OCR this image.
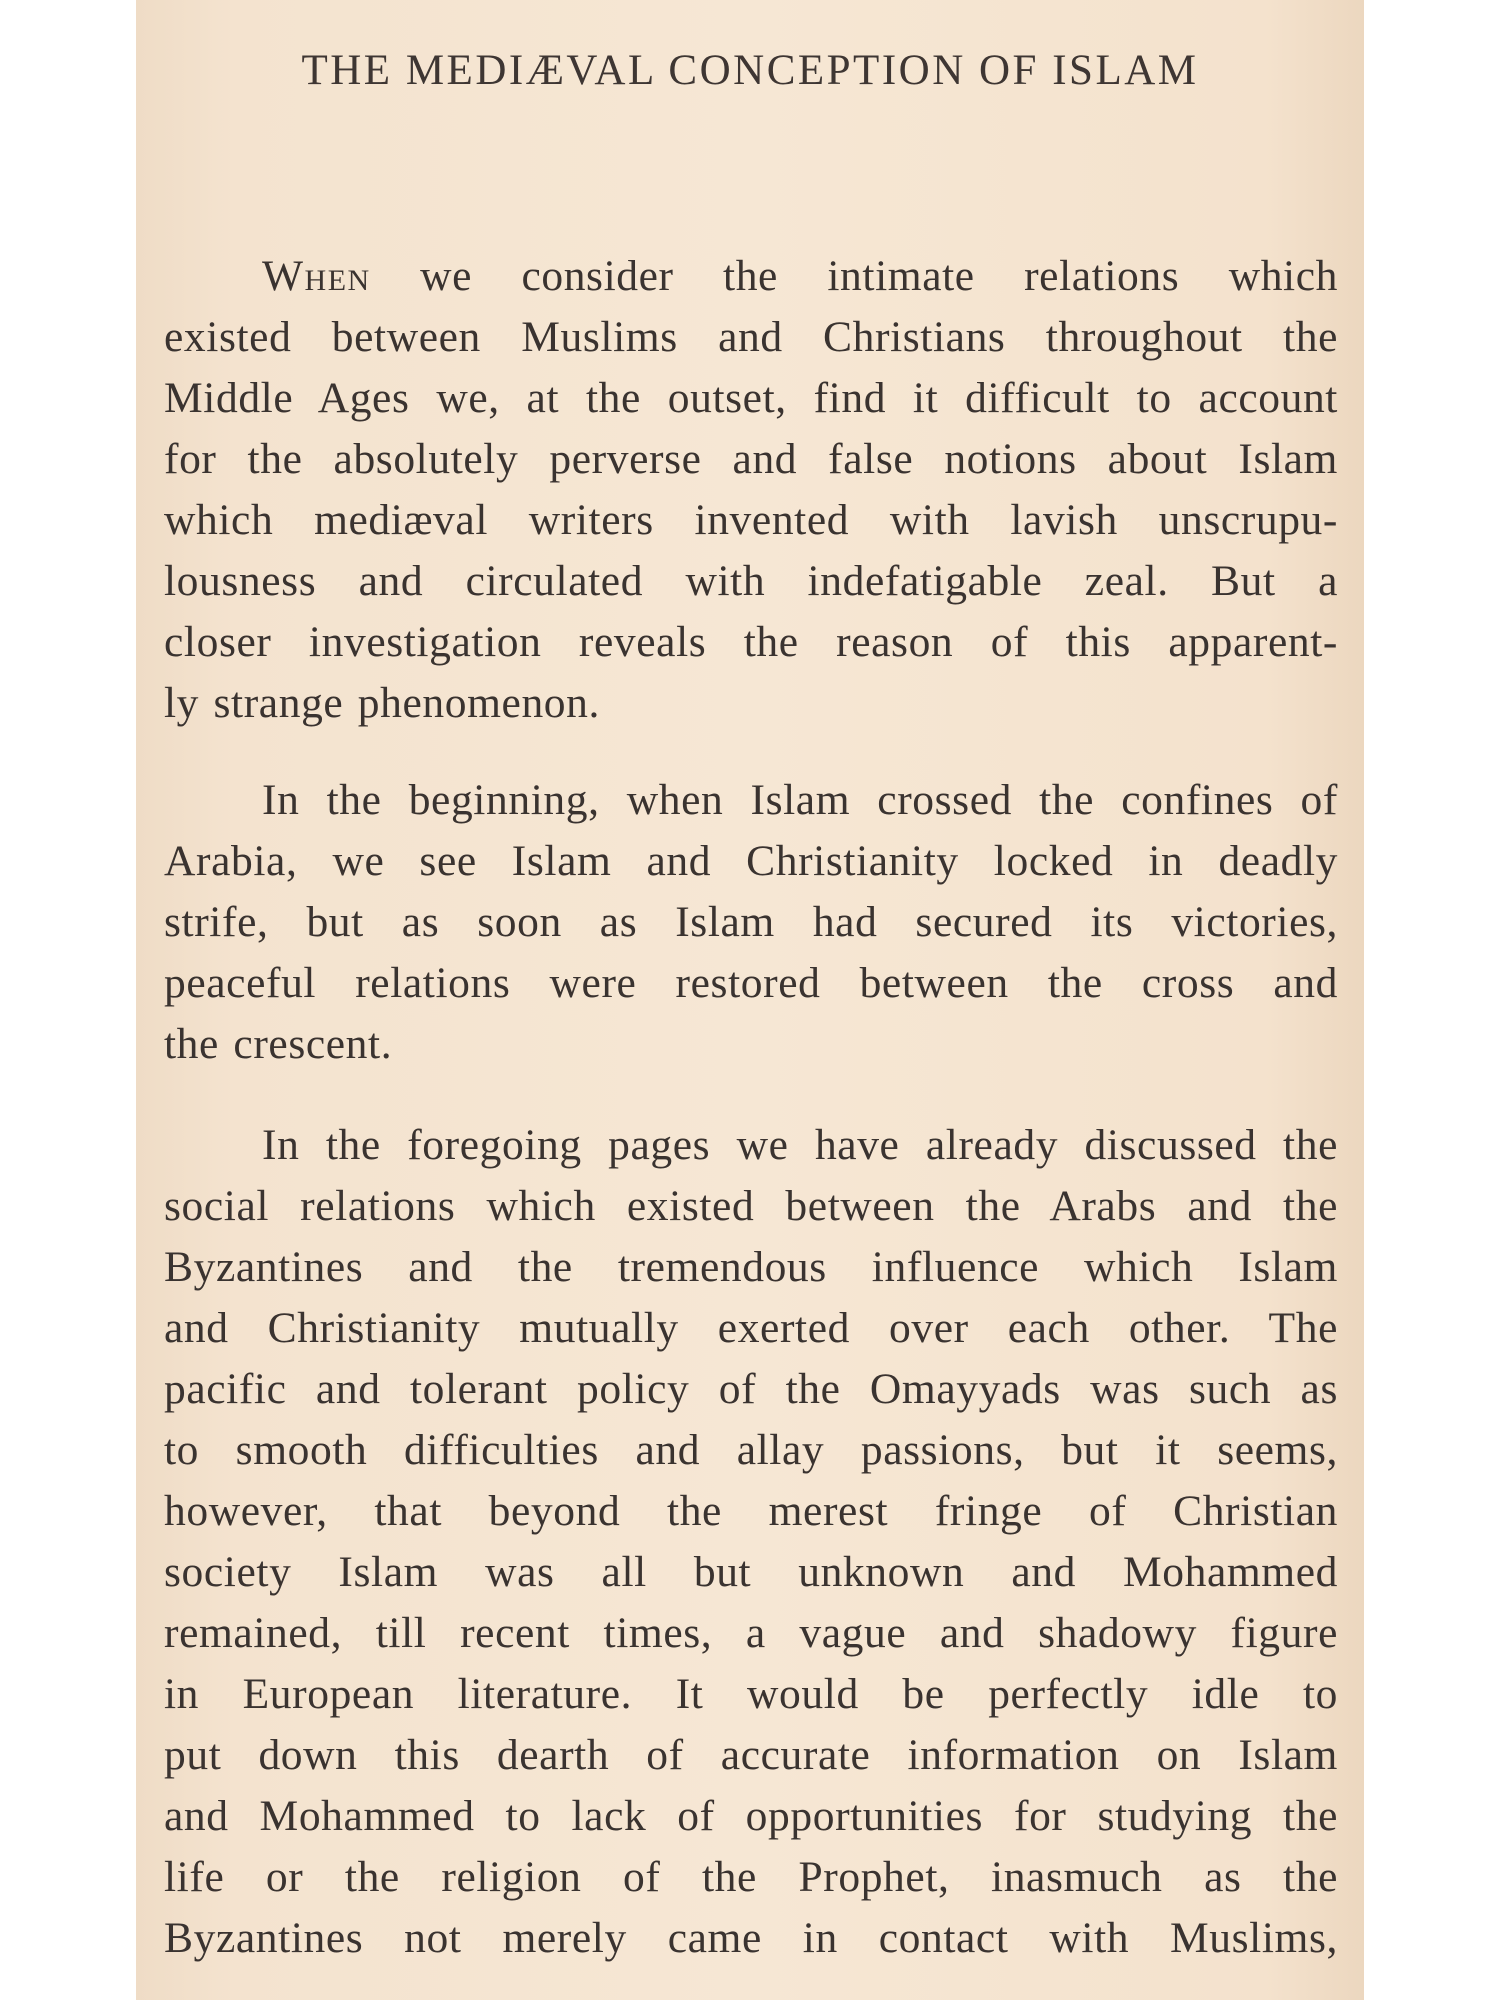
THE MEDIÆVAL CONCEPTION OF ISLAM
When we consider the intimate relations which
existed between Muslims and Christians throughout the
Middle Ages we, at the outset, find it difficult to account
for the absolutely perverse and false notions about Islam
which mediæval writers invented with lavish unscrupu-
lousness and circulated with indefatigable zeal. But a
closer investigation reveals the reason of this apparent-
ly strange phenomenon.
In the beginning, when Islam crossed the confines of
Arabia, we see Islam and Christianity locked in deadly
strife, but as soon as Islam had secured its victories,
peaceful relations were restored between the cross and
the crescent.
In the foregoing pages we have already discussed the
social relations which existed between the Arabs and the
Byzantines and the tremendous influence which Islam
and Christianity mutually exerted over each other. The
pacific and tolerant policy of the Omayyads was such as
to smooth difficulties and allay passions, but it seems,
however, that beyond the merest fringe of Christian
society Islam was all but unknown and Mohammed
remained, till recent times, a vague and shadowy figure
in European literature. It would be perfectly idle to
put down this dearth of accurate information on Islam
and Mohammed to lack of opportunities for studying the
life or the religion of the Prophet, inasmuch as the
Byzantines not merely came in contact with Muslims,
